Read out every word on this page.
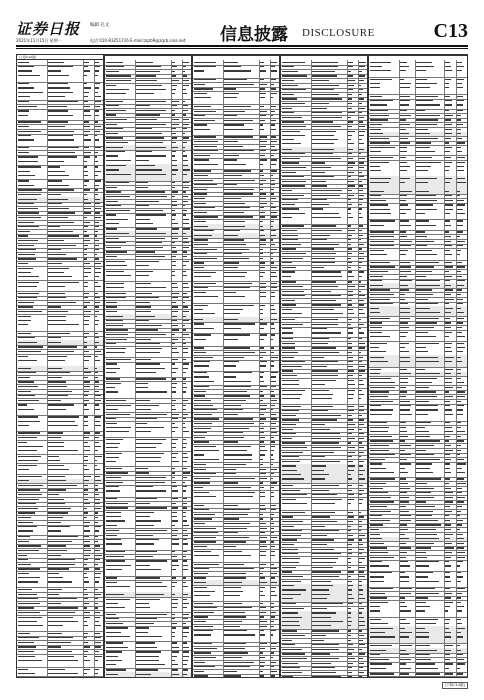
证券日报 编辑 孔文
2021年11月15日 星期一	电话:010-83251716 E-mail:zqrb9@zqrb.sina.net 信息披露 DISCLOSURE	C13
(上接C12版)
(下转C14版)
